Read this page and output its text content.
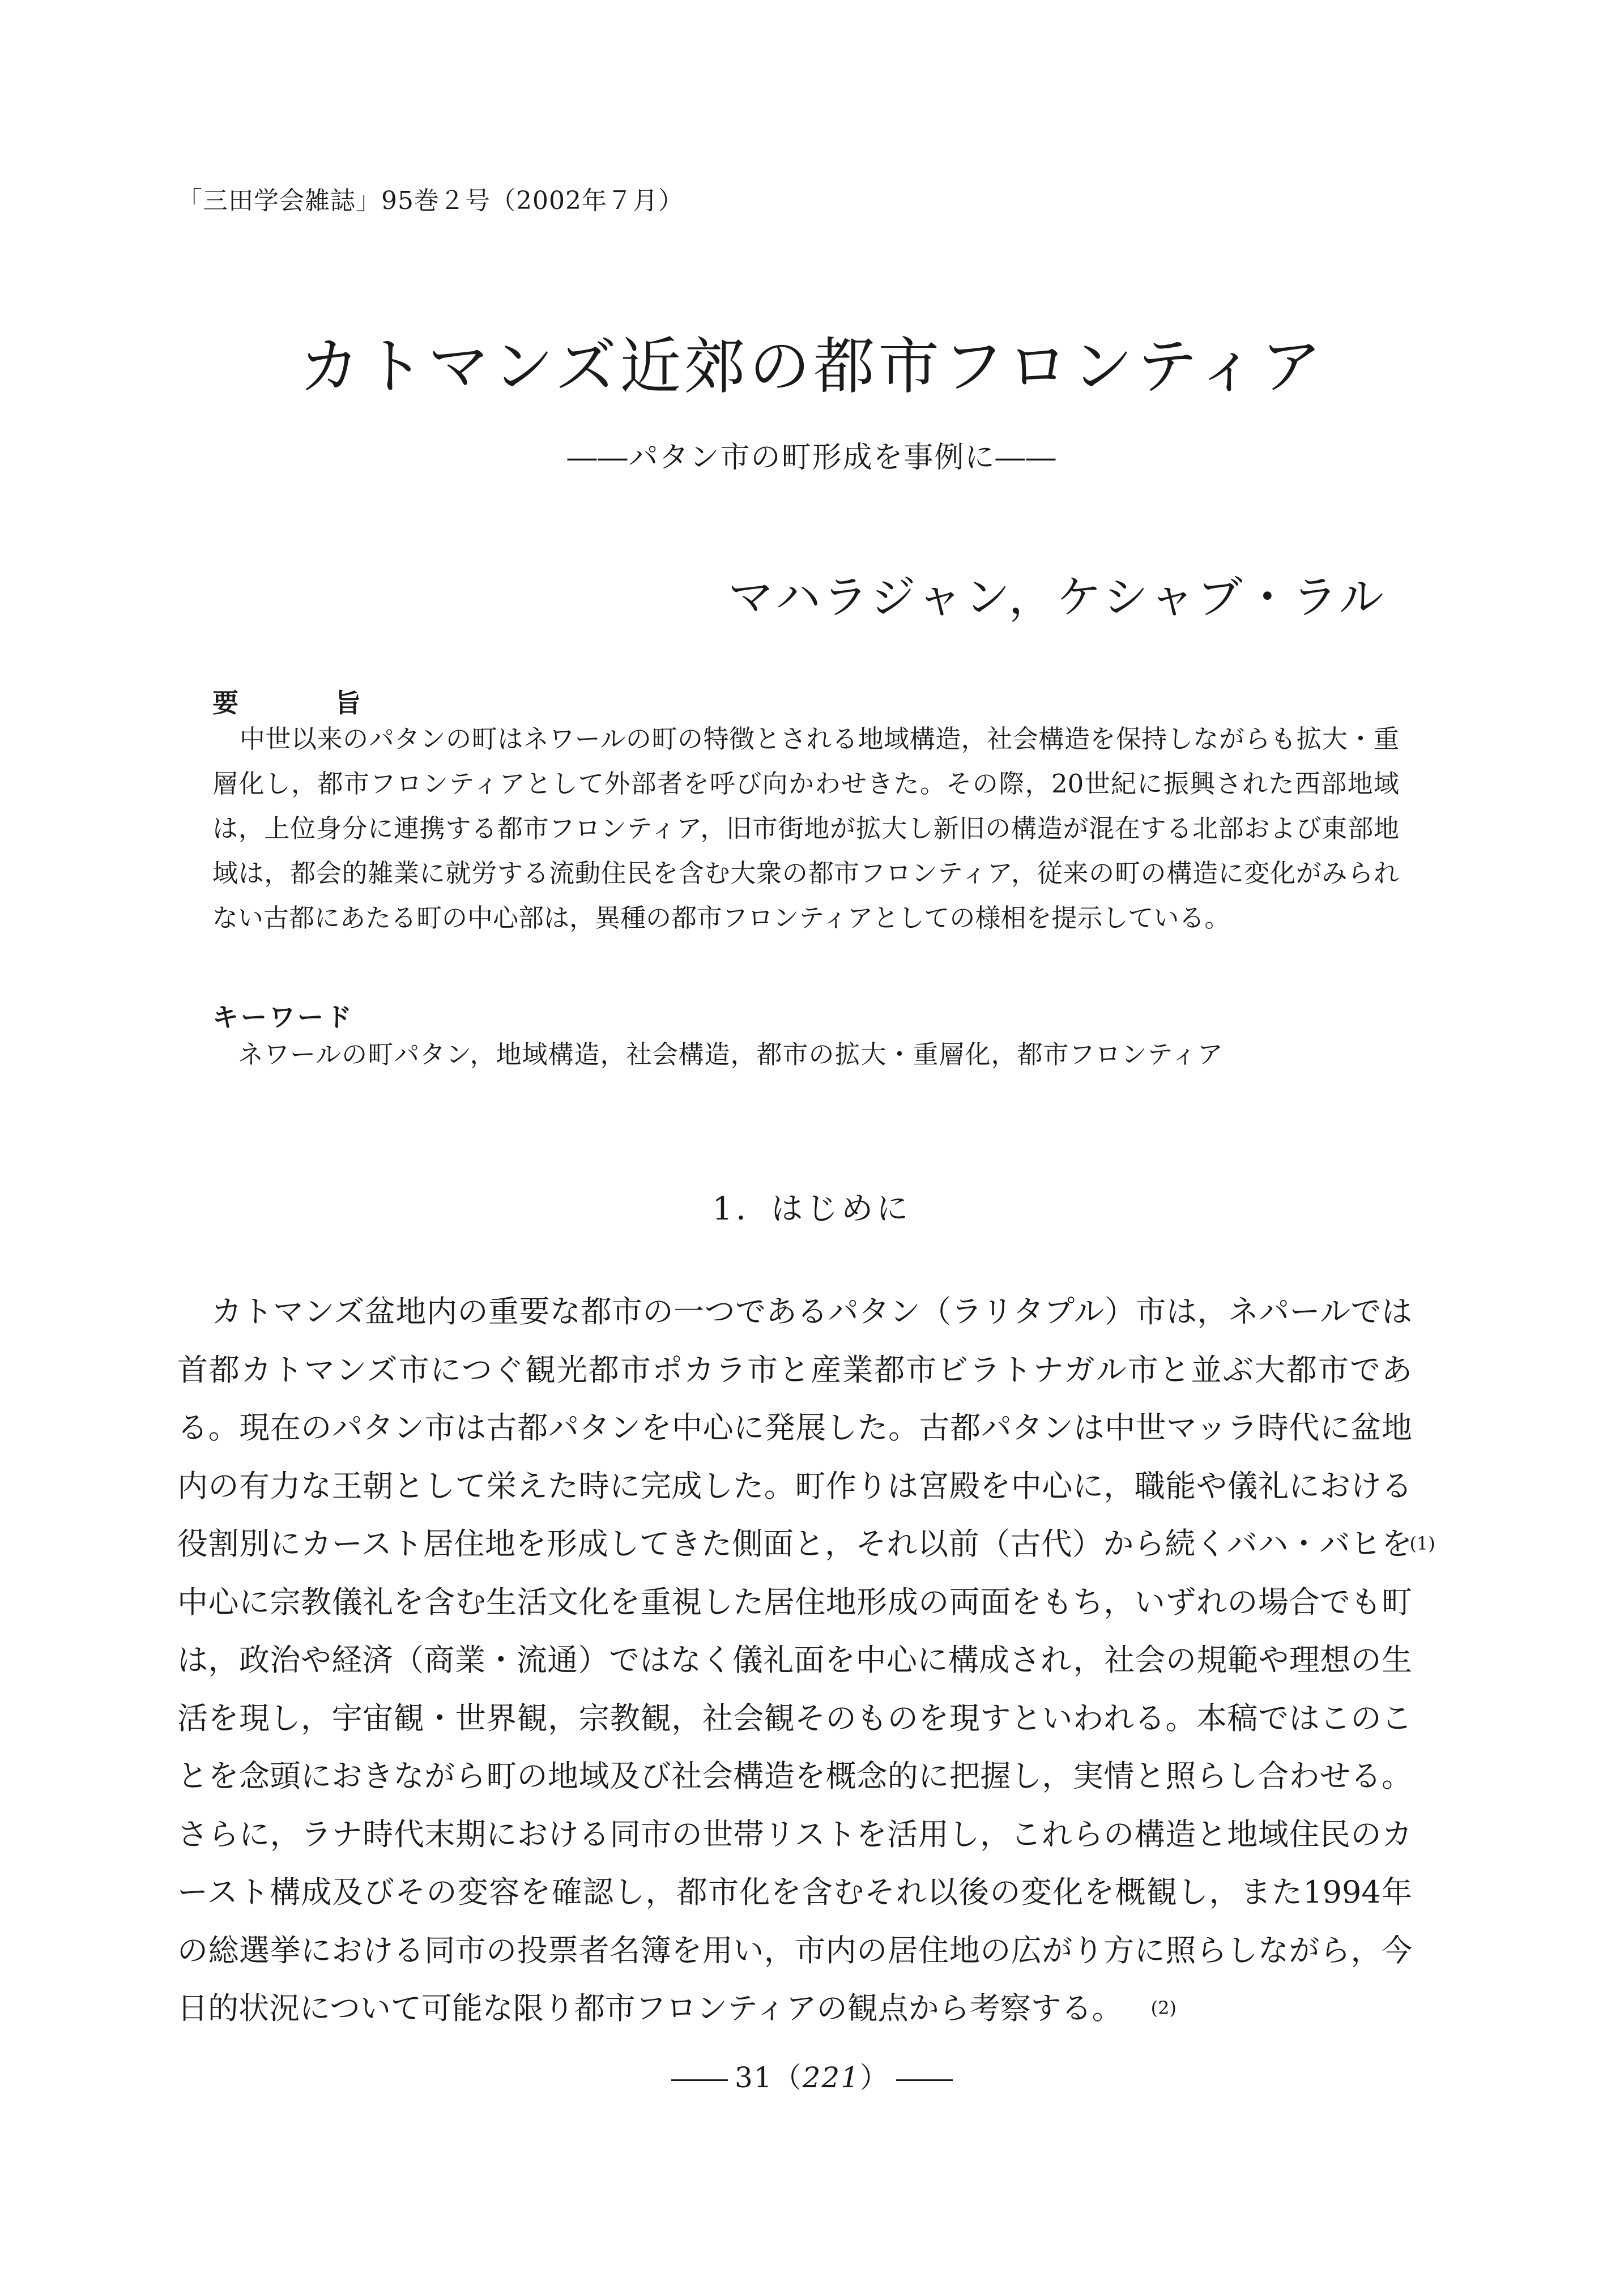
「三田学会雑誌」95巻２号（2002年７月）
カトマンズ近郊の都市フロンティア
――パタン市の町形成を事例に――
マハラジャン，ケシャブ・ラル
要	旨

中世以来のパタンの町はネワールの町の特徴とされる地域構造，社会構造を保持しながらも拡大・重層化し，都市フロンティアとして外部者を呼び向かわせきた。その際，20世紀に振興された西部地域は，上位身分に連携する都市フロンティア，旧市街地が拡大し新旧の構造が混在する北部および東部地域は，都会的雑業に就労する流動住民を含む大衆の都市フロンティア，従来の町の構造に変化がみられない古都にあたる町の中心部は，異種の都市フロンティアとしての様相を提示している。

キーワード
ネワールの町パタン，地域構造，社会構造，都市の拡大・重層化，都市フロンティア
1．はじめに

カトマンズ盆地内の重要な都市の一つであるパタン（ラリタプル）市は，ネパールでは首都カトマンズ市につぐ観光都市ポカラ市と産業都市ビラトナガル市と並ぶ大都市である。現在のパタン市は古都パタンを中心に発展した。古都パタンは中世マッラ時代に盆地内の有力な王朝として栄えた時に完成した。町作りは宮殿を中心に，職能や儀礼における役割別にカースト居住地を形成してきた側面と，それ以前（古代）から続くバハ・バヒ	(1)
を中心に宗教儀礼を含む生活文化を重視した居住地形成の両面をもち，いずれの場合でも町は，政治や経済（商業・流通）ではなく儀礼面を中心に構成され，社会の規範や理想の生活を現し，宇宙観・世界観，宗教観，社会観そのものを現すといわれる。本稿ではこのことを念頭におきながら町の地域及び社会構造を概念的に把握し，実情と照らし合わせる。さらに，ラナ時代末期における同市の世帯リストを活用し，これらの構造と地域住民のカースト構成及びその変容を確認し，都市化を含むそれ以後の変化を概観し，また1994年の総選挙における同市の投票者名簿を用い，市内の居住地の広がり方に照らしながら，今日的状況について可能な限り都市フロンティアの観点から考察する。	(2)

31（221）
